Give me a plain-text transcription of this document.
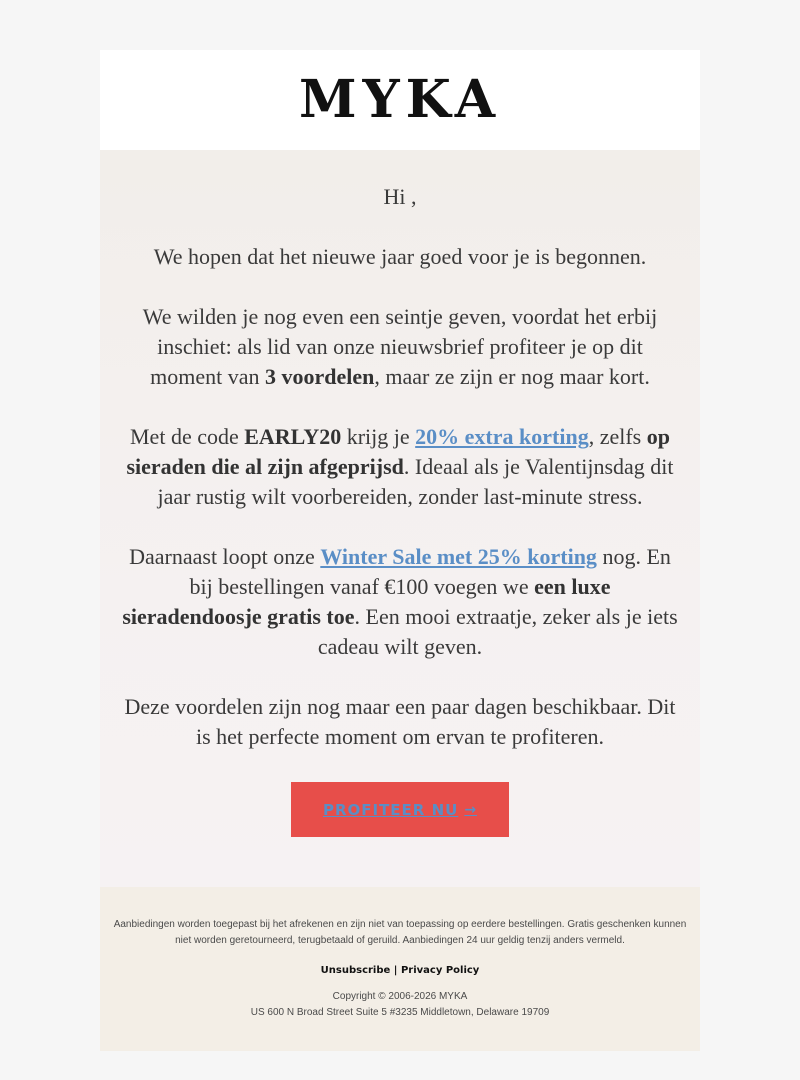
MYKA

Hi ,

We hopen dat het nieuwe jaar goed voor je is begonnen.

We wilden je nog even een seintje geven, voordat het erbij inschiet: als lid van onze nieuwsbrief profiteer je op dit moment van 3 voordelen, maar ze zijn er nog maar kort.

Met de code EARLY20 krijg je 20% extra korting, zelfs op sieraden die al zijn afgeprijsd. Ideaal als je Valentijnsdag dit jaar rustig wilt voorbereiden, zonder last-minute stress.

Daarnaast loopt onze Winter Sale met 25% korting nog. En bij bestellingen vanaf €100 voegen we een luxe sieradendoosje gratis toe. Een mooi extraatje, zeker als je iets cadeau wilt geven.

Deze voordelen zijn nog maar een paar dagen beschikbaar. Dit is het perfecte moment om ervan te profiteren.

PROFITEER NU →

Aanbiedingen worden toegepast bij het afrekenen en zijn niet van toepassing op eerdere bestellingen. Gratis geschenken kunnen niet worden geretourneerd, terugbetaald of geruild. Aanbiedingen 24 uur geldig tenzij anders vermeld.

Unsubscribe | Privacy Policy

Copyright © 2006-2026 MYKA

US 600 N Broad Street Suite 5 #3235 Middletown, Delaware 19709
